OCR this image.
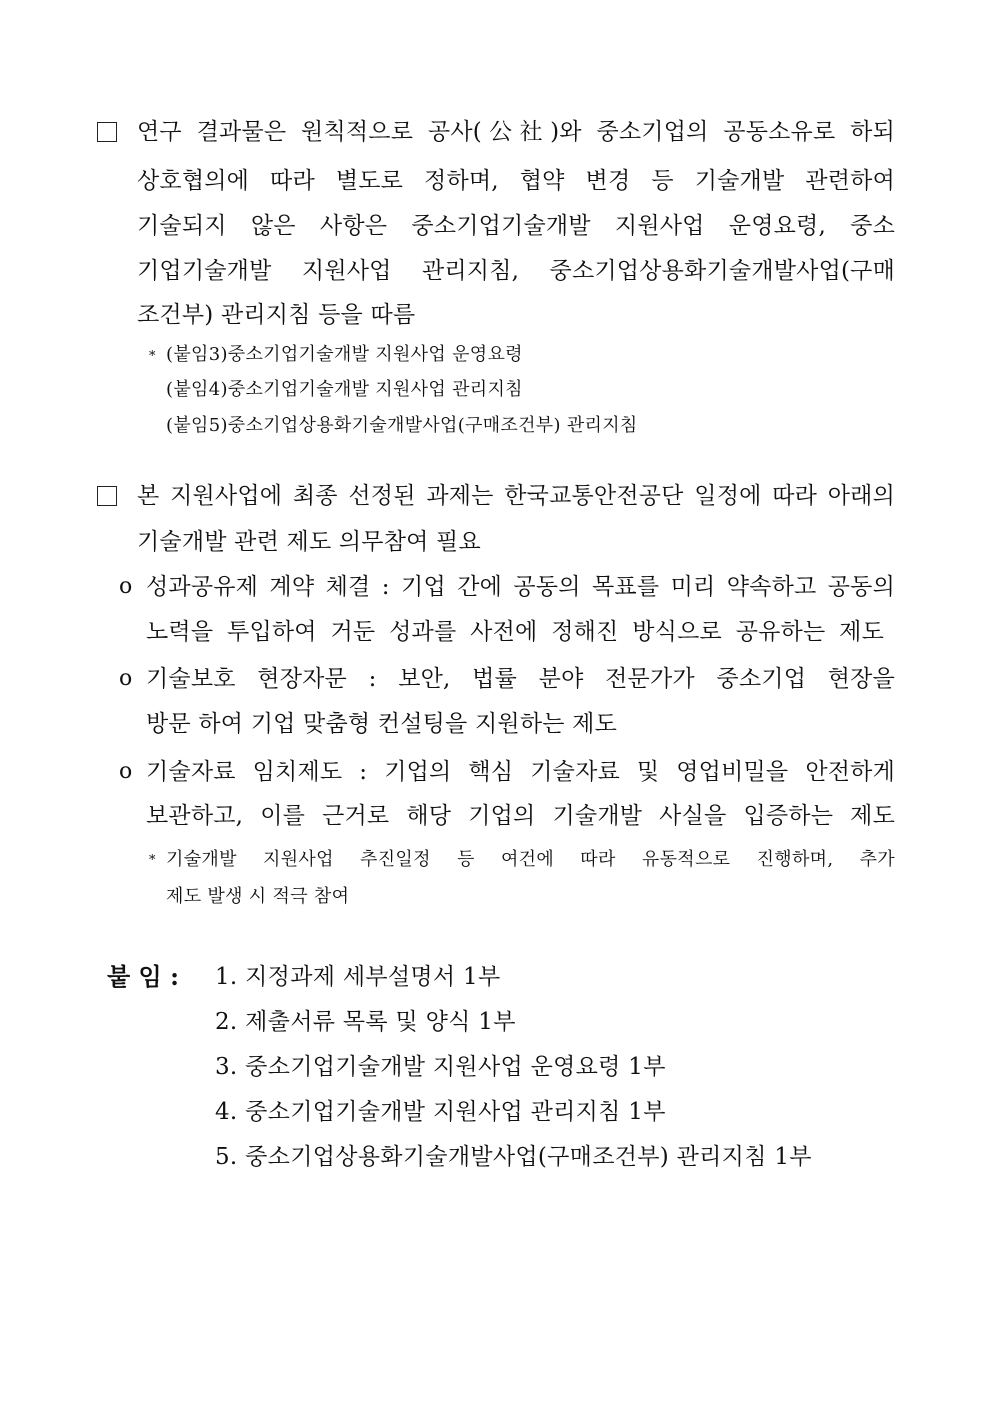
연구 결과물은 원칙적으로 공사(公社)와 중소기업의 공동소유로 하되
상호협의에 따라 별도로 정하며, 협약 변경 등 기술개발 관련하여
기술되지 않은 사항은 중소기업기술개발 지원사업 운영요령, 중소
기업기술개발 지원사업 관리지침, 중소기업상용화기술개발사업(구매
조건부) 관리지침 등을 따름
* (붙임3)중소기업기술개발 지원사업 운영요령
(붙임4)중소기업기술개발 지원사업 관리지침
(붙임5)중소기업상용화기술개발사업(구매조건부) 관리지침
본 지원사업에 최종 선정된 과제는 한국교통안전공단 일정에 따라 아래의
기술개발 관련 제도 의무참여 필요
o 성과공유제 계약 체결 : 기업 간에 공동의 목표를 미리 약속하고 공동의
노력을 투입하여 거둔 성과를 사전에 정해진 방식으로 공유하는 제도
o 기술보호 현장자문 : 보안, 법률 분야 전문가가 중소기업 현장을
방문 하여 기업 맞춤형 컨설팅을 지원하는 제도
o 기술자료 임치제도 : 기업의 핵심 기술자료 및 영업비밀을 안전하게
보관하고, 이를 근거로 해당 기업의 기술개발 사실을 입증하는 제도
* 기술개발 지원사업 추진일정 등 여건에 따라 유동적으로 진행하며, 추가
제도 발생 시 적극 참여
붙 임 : 1. 지정과제 세부설명서 1부
2. 제출서류 목록 및 양식 1부
3. 중소기업기술개발 지원사업 운영요령 1부
4. 중소기업기술개발 지원사업 관리지침 1부
5. 중소기업상용화기술개발사업(구매조건부) 관리지침 1부
